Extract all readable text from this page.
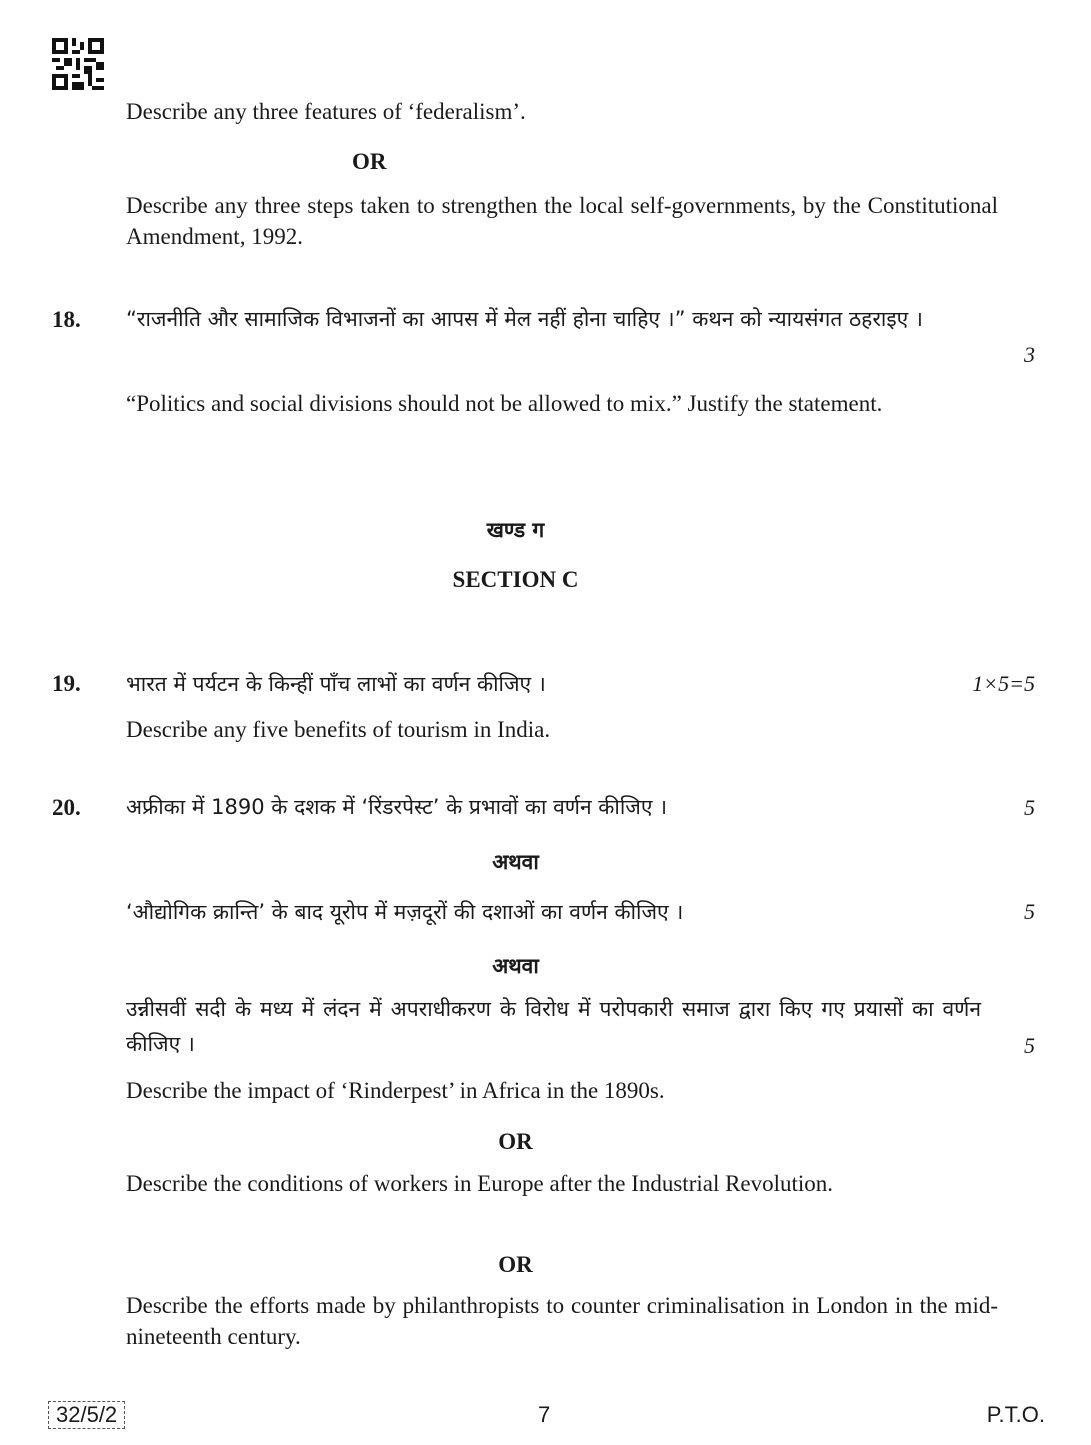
Describe any three features of ‘federalism’.
OR
Describe any three steps taken to strengthen the local self-governments, by the Constitutional Amendment, 1992.
18. “राजनीति और सामाजिक विभाजनों का आपस में मेल नहीं होना चाहिए ।” कथन को न्यायसंगत ठहराइए ।
3
“Politics and social divisions should not be allowed to mix.” Justify the statement.
खण्ड ग
SECTION C
19. भारत में पर्यटन के किन्हीं पाँच लाभों का वर्णन कीजिए ।	1×5=5
Describe any five benefits of tourism in India.
20. अफ्रीका में 1890 के दशक में ‘रिंडरपेस्ट’ के प्रभावों का वर्णन कीजिए ।	5
अथवा
‘औद्योगिक क्रान्ति’ के बाद यूरोप में मज़दूरों की दशाओं का वर्णन कीजिए ।	5
अथवा
उन्नीसवीं सदी के मध्य में लंदन में अपराधीकरण के विरोध में परोपकारी समाज द्वारा किए गए प्रयासों का वर्णन कीजिए ।	5
Describe the impact of ‘Rinderpest’ in Africa in the 1890s.
OR
Describe the conditions of workers in Europe after the Industrial Revolution.
OR
Describe the efforts made by philanthropists to counter criminalisation in London in the mid-nineteenth century.
32/5/2	7	P.T.O.
